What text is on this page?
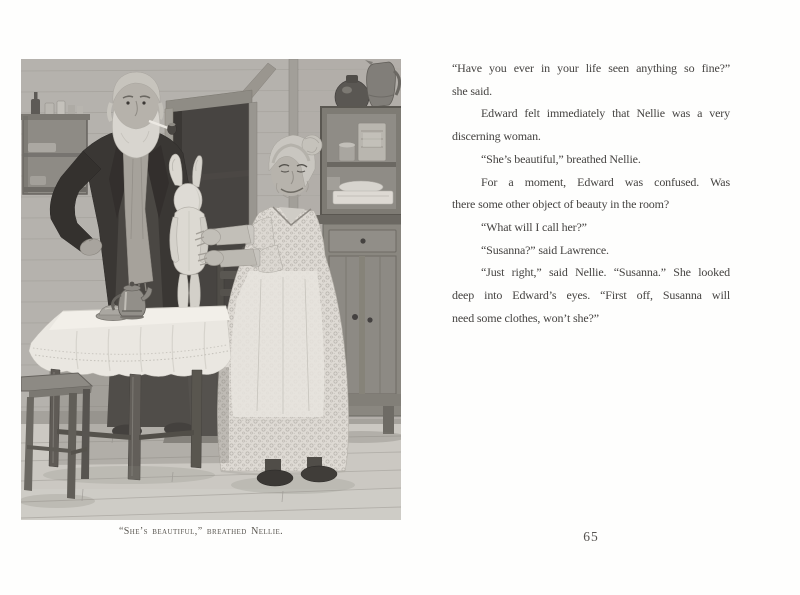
“She’s beautiful,” breathed Nellie.
“Have you ever in your life seen anything so fine?”
she said.
Edward felt immediately that Nellie was a very
discerning woman.
“She’s beautiful,” breathed Nellie.
For a moment, Edward was confused. Was
there some other object of beauty in the room?
“What will I call her?”
“Susanna?” said Lawrence.
“Just right,” said Nellie. “Susanna.” She looked
deep into Edward’s eyes. “First off, Susanna will
need some clothes, won’t she?”
65
